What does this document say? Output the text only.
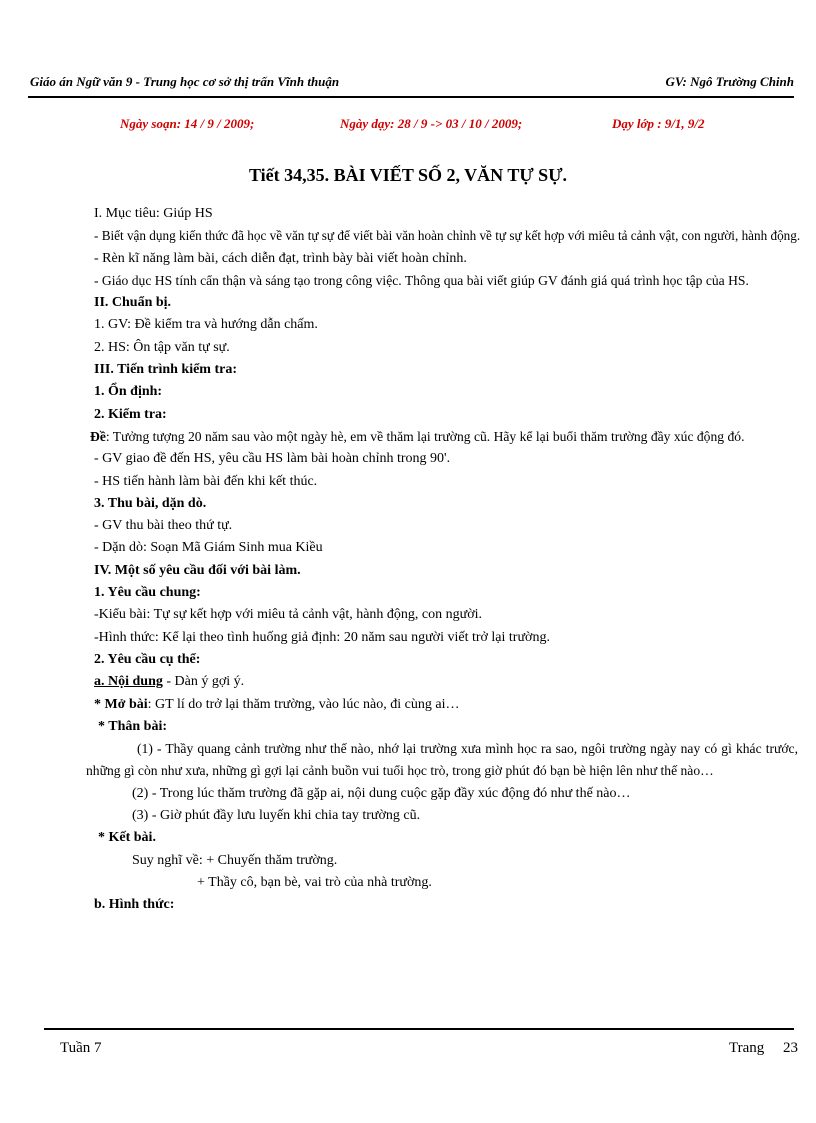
Giáo án Ngữ văn 9 - Trung học cơ sở thị trấn Vĩnh thuận	GV: Ngô Trường Chinh
Ngày soạn: 14 / 9 / 2009;	Ngày dạy: 28 / 9 -> 03 / 10 / 2009;	Dạy lớp : 9/1, 9/2
Tiết 34,35. BÀI VIẾT SỐ 2, VĂN TỰ SỰ.
I. Mục tiêu: Giúp HS
- Biết vận dụng kiến thức đã học về văn tự sự để viết bài văn hoàn chỉnh về tự sự kết hợp với miêu tả cảnh vật, con người, hành động.
- Rèn kĩ năng làm bài, cách diễn đạt, trình bày bài viết hoàn chỉnh.
- Giáo dục HS tính cẩn thận và sáng tạo trong công việc. Thông qua bài viết giúp GV đánh giá quá trình học tập của HS.
II. Chuẩn bị.
1. GV: Đề kiểm tra và hướng dẫn chấm.
2. HS: Ôn tập văn tự sự.
III. Tiến trình kiểm tra:
1. Ổn định:
2. Kiểm tra:
Đề: Tưởng tượng 20 năm sau vào một ngày hè, em về thăm lại trường cũ. Hãy kể lại buổi thăm trường đầy xúc động đó.
- GV giao đề đến HS, yêu cầu HS làm bài hoàn chỉnh trong 90'.
- HS tiến hành làm bài đến khi kết thúc.
3. Thu bài, dặn dò.
- GV thu bài theo thứ tự.
- Dặn dò: Soạn Mã Giám Sinh mua Kiều
IV. Một số yêu cầu đối với bài làm.
1. Yêu cầu chung:
-Kiểu bài: Tự sự kết hợp với miêu tả cảnh vật, hành động, con người.
-Hình thức: Kể lại theo tình huống giả định: 20 năm sau người viết trở lại trường.
2. Yêu cầu cụ thể:
a. Nội dung - Dàn ý gợi ý.
* Mở bài: GT lí do trở lại thăm trường, vào lúc nào, đi cùng ai…
* Thân bài:
(1) - Thầy quang cảnh trường như thế nào, nhớ lại trường xưa mình học ra sao, ngôi trường ngày nay có gì khác trước, những gì còn như xưa, những gì gợi lại cảnh buồn vui tuổi học trò, trong giờ phút đó bạn bè hiện lên như thế nào…
(2) - Trong lúc thăm trường đã gặp ai, nội dung cuộc gặp đầy xúc động đó như thế nào…
(3) - Giờ phút đầy lưu luyến khi chia tay trường cũ.
* Kết bài.
Suy nghĩ về: + Chuyến thăm trường.
+ Thầy cô, bạn bè, vai trò của nhà trường.
b. Hình thức:
Tuần 7	Trang     23
